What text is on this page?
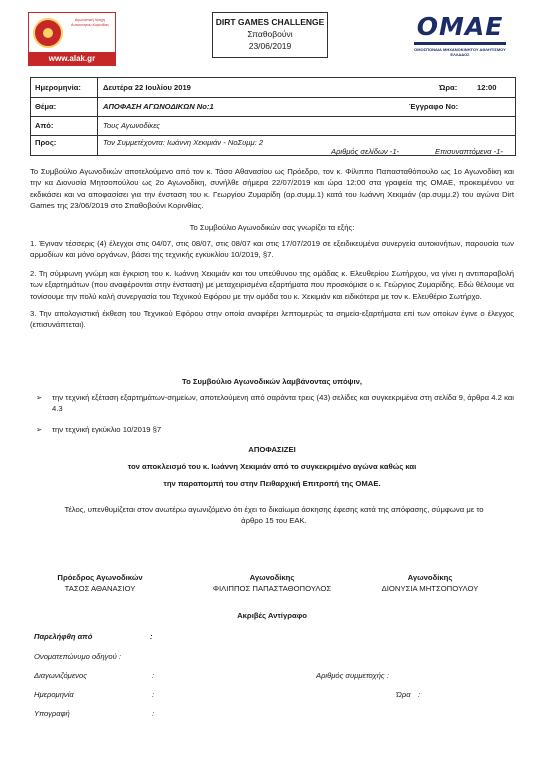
Αγωνιστική Λέσχη Αυτοκινήτου Κορινθίας
www.alak.gr
DIRT GAMES CHALLENGE
Σπαθοβούνι
23/06/2019
OMAE
ΟΜΟΣΠΟΝΔΙΑ ΜΗΧΑΝΟΚΙΝΗΤΟΥ ΑΘΛΗΤΙΣΜΟΥ ΕΛΛΑΔΟΣ
Ημερομηνία:	Δευτέρα 22 Ιουλίου 2019	Ώρα:	12:00
Θέμα:	ΑΠΟΦΑΣΗ ΑΓΩΝΟΔΙΚΩΝ Νο:1	Έγγραφο Νο:
Από:	Τους Αγωνοδίκες
Προς:	Τον Συμμετέχοντα: Ιωάννη Χεκιμιάν - ΝοΣυμμ: 2
Αριθμός σελίδων -1-	Επισυναπτόμενα -1-
Το Συμβούλιο Αγωνοδικών αποτελούμενο από τον κ. Τάσο Αθανασίου ως Πρόεδρο, τον κ. Φίλιππο Παπασταθόπουλο ως 1ο Αγωνοδίκη και την κα Διονυσία Μητσοπούλου ως 2ο Αγωνοδίκη, συνήλθε σήμερα 22/07/2019 και ώρα 12:00 στα γραφεία της ΟΜΑΕ, προκειμένου να εκδικάσει και να αποφασίσει για την ένσταση του κ. Γεωργίου Ζυμαρίδη (αρ.συμμ.1) κατά του Ιωάννη Χεκιμιάν (αρ.συμμ.2) του αγώνα Dirt Games της 23/06/2019 στο Σπαθοβούνι Κορινθίας.
Το Συμβούλιο Αγωνοδικών σας γνωρίζει τα εξής:
1. Έγιναν τέσσερις (4) έλεγχοι στις 04/07, στις 08/07, στις 08/07 και στις 17/07/2019 σε εξειδικευμένα συνεργεία αυτοκινήτων, παρουσία των αρμοδίων και μόνο οργάνων, βάσει της τεχνικής εγκυκλίου 10/2019, §7.
2. Τη σύμφωνη γνώμη και έγκριση του κ. Ιωάννη Χεκιμιάν και του υπεύθυνου της ομάδας κ. Ελευθερίου Σωτήρχου, να γίνει η αντιπαραβολή των εξαρτημάτων (που αναφέρονται στην ένσταση) με μεταχειρισμένα εξαρτήματα που προσκόμισε ο κ. Γεώργιος Ζυμαρίδης. Εδώ θέλουμε να τονίσουμε την πολύ καλή συνεργασία του Τεχνικού Εφόρου με την ομάδα του κ. Χεκιμιάν και ειδικότερα με τον κ. Ελευθέριο Σωτήρχο.
3. Την απολογιστική έκθεση του Τεχνικού Εφόρου στην οποία αναφέρει λεπτομερώς τα σημεία-εξαρτήματα επί των οποίων έγινε ο έλεγχος (επισυνάπτεται).
Το Συμβούλιο Αγωνοδικών λαμβάνοντας υπόψιν,
➢ την τεχνική εξέταση εξαρτημάτων-σημείων, αποτελούμενη από σαράντα τρεις (43) σελίδες και συγκεκριμένα στη σελίδα 9, άρθρα 4.2 και 4.3
➢ την τεχνική εγκύκλιο 10/2019 §7
ΑΠΟΦΑΣΙΖΕΙ
τον αποκλεισμό του κ. Ιωάννη Χεκιμιάν από το συγκεκριμένο αγώνα καθώς και
την παραπομπή του στην Πειθαρχική Επιτροπή της ΟΜΑΕ.
Τέλος, υπενθυμίζεται στον ανωτέρω αγωνιζόμενο ότι έχει το δικαίωμα άσκησης έφεσης κατά της απόφασης, σύμφωνα με το άρθρο 15 του ΕΑΚ.
Πρόεδρος Αγωνοδικών
ΤΑΣΟΣ ΑΘΑΝΑΣΙΟΥ
Αγωνοδίκης
ΦΙΛΙΠΠΟΣ ΠΑΠΑΣΤΑΘΟΠΟΥΛΟΣ
Αγωνοδίκης
ΔΙΟΝΥΣΙΑ ΜΗΤΣΟΠΟΥΛΟΥ
Ακριβές Αντίγραφο
Παρελήφθη από	:
Ονοματεπώνυμο οδηγού :
Διαγωνιζόμενος	:	Αριθμός συμμετοχής :
Ημερομηνία	:	Ώρα :
Υπογραφή	:
